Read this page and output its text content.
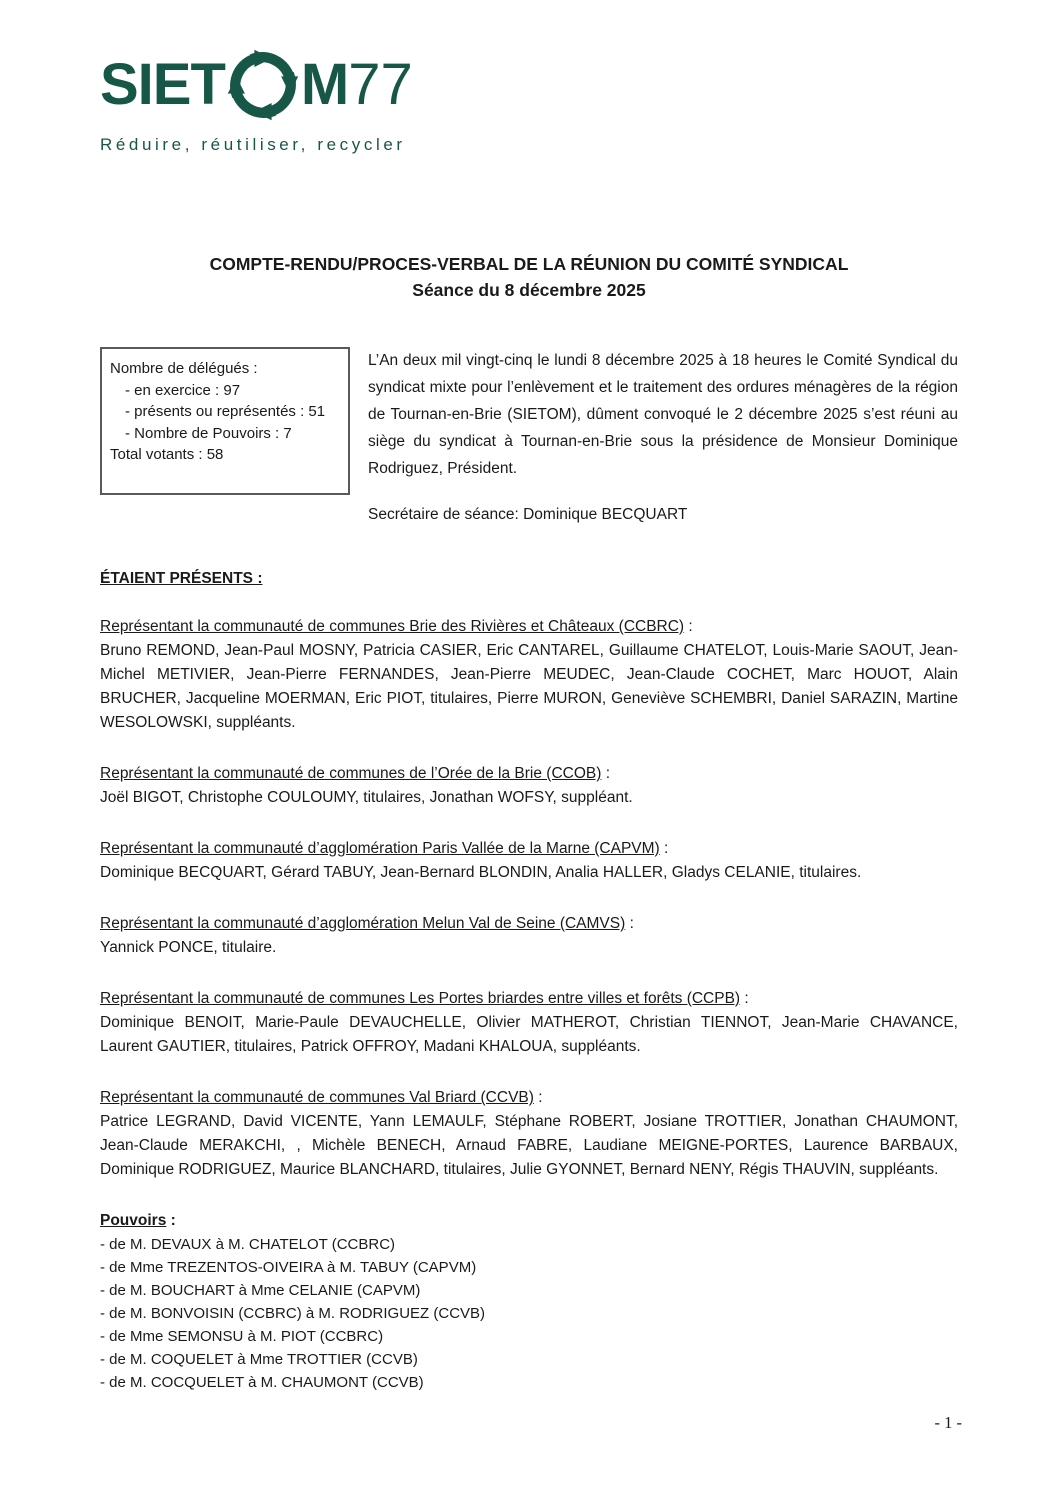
SIET M 77
Réduire, réutiliser, recycler
COMPTE-RENDU/PROCES-VERBAL DE LA RÉUNION DU COMITÉ SYNDICAL
Séance du 8 décembre 2025
Nombre de délégués :
- en exercice : 97
- présents ou représentés : 51
- Nombre de Pouvoirs : 7
Total votants : 58

L’An deux mil vingt-cinq le lundi 8 décembre 2025 à 18 heures le Comité Syndical du syndicat mixte pour l’enlèvement et le traitement des ordures ménagères de la région de Tournan-en-Brie (SIETOM), dûment convoqué le 2 décembre 2025 s’est réuni au siège du syndicat à Tournan-en-Brie sous la présidence de Monsieur Dominique Rodriguez, Président.

Secrétaire de séance: Dominique BECQUART
ÉTAIENT PRÉSENTS :
Représentant la communauté de communes Brie des Rivières et Châteaux (CCBRC) :

Bruno REMOND, Jean-Paul MOSNY, Patricia CASIER, Eric CANTAREL, Guillaume CHATELOT, Louis-Marie SAOUT, Jean-Michel METIVIER, Jean-Pierre FERNANDES, Jean-Pierre MEUDEC, Jean-Claude COCHET, Marc HOUOT, Alain BRUCHER, Jacqueline MOERMAN, Eric PIOT, titulaires, Pierre MURON, Geneviève SCHEMBRI, Daniel SARAZIN, Martine WESOLOWSKI, suppléants.

Représentant la communauté de communes de l’Orée de la Brie (CCOB) :

Joël BIGOT, Christophe COULOUMY, titulaires, Jonathan WOFSY, suppléant.

Représentant la communauté d’agglomération Paris Vallée de la Marne (CAPVM) :

Dominique BECQUART, Gérard TABUY, Jean-Bernard BLONDIN, Analia HALLER, Gladys CELANIE, titulaires.

Représentant la communauté d’agglomération Melun Val de Seine (CAMVS) :

Yannick PONCE, titulaire.

Représentant la communauté de communes Les Portes briardes entre villes et forêts (CCPB) :

Dominique BENOIT, Marie-Paule DEVAUCHELLE, Olivier MATHEROT, Christian TIENNOT, Jean-Marie CHAVANCE, Laurent GAUTIER, titulaires, Patrick OFFROY, Madani KHALOUA, suppléants.

Représentant la communauté de communes Val Briard (CCVB) :

Patrice LEGRAND, David VICENTE, Yann LEMAULF, Stéphane ROBERT, Josiane TROTTIER, Jonathan CHAUMONT, Jean-Claude MERAKCHI, , Michèle BENECH, Arnaud FABRE, Laudiane MEIGNE-PORTES, Laurence BARBAUX, Dominique RODRIGUEZ, Maurice BLANCHARD, titulaires, Julie GYONNET, Bernard NENY, Régis THAUVIN, suppléants.

Pouvoirs :
- de M. DEVAUX à M. CHATELOT (CCBRC)
- de Mme TREZENTOS-OIVEIRA à M. TABUY (CAPVM)
- de M. BOUCHART à Mme CELANIE (CAPVM)
- de M. BONVOISIN (CCBRC) à M. RODRIGUEZ (CCVB)
- de Mme SEMONSU à M. PIOT (CCBRC)
- de M. COQUELET à Mme TROTTIER (CCVB)
- de M. COCQUELET à M. CHAUMONT (CCVB)
- 1 -
